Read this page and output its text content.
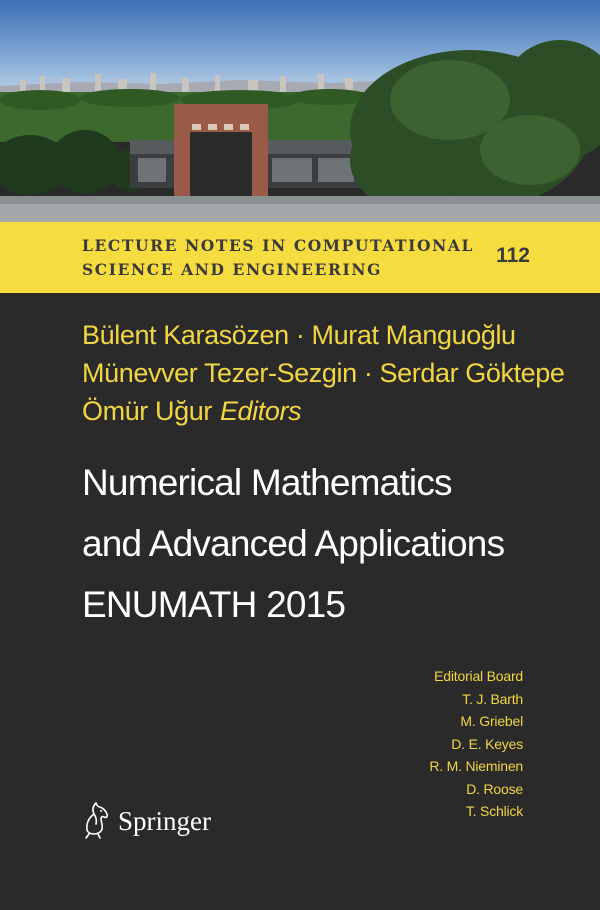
LECTURE NOTES IN COMPUTATIONAL
SCIENCE AND ENGINEERING
112
Bülent Karasözen · Murat Manguoğlu
Münevver Tezer-Sezgin · Serdar Göktepe
Ömür Uğur Editors
Numerical Mathematics
and Advanced Applications
ENUMATH 2015
Editorial Board
T. J. Barth
M. Griebel
D. E. Keyes
R. M. Nieminen
D. Roose
T. Schlick
Springer
